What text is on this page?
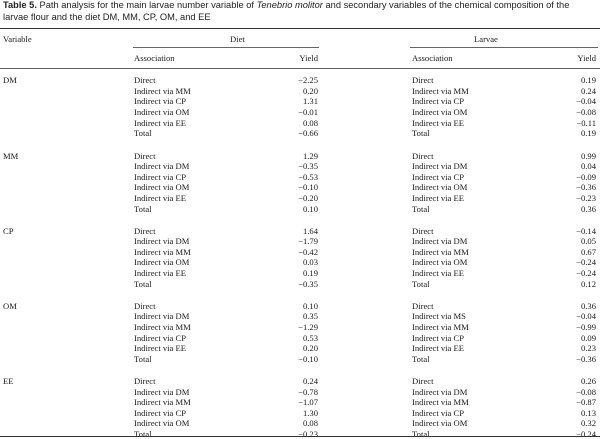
Table 5. Path analysis for the main larvae number variable of Tenebrio molitor and secondary variables of the chemical composition of the larvae flour and the diet DM, MM, CP, OM, and EE
Variable	Diet	Larvae
Association	Yield	Association	Yield
DM	Direct	−2.25	Direct	0.19
Indirect via MM	0.20	Indirect via MM	0.24
Indirect via CP	1.31	Indirect via CP	−0.04
Indirect via OM	−0.01	Indirect via OM	−0.08
Indirect via EE	0.08	Indirect via EE	−0.11
Total	−0.66	Total	0.19
MM	Direct	1.29	Direct	0.99
Indirect via DM	−0.35	Indirect via DM	0.04
Indirect via CP	−0.53	Indirect via CP	−0.09
Indirect via OM	−0.10	Indirect via OM	−0.36
Indirect via EE	−0.20	Indirect via EE	−0.23
Total	0.10	Total	0.36
CP	Direct	1.64	Direct	−0.14
Indirect via DM	−1.79	Indirect via DM	0.05
Indirect via MM	−0.42	Indirect via MM	0.67
Indirect via OM	0.03	Indirect via OM	−0.24
Indirect via EE	0.19	Indirect via EE	−0.24
Total	−0.35	Total	0.12
OM	Direct	0.10	Direct	0.36
Indirect via DM	0.35	Indirect via MS	−0.04
Indirect via MM	−1.29	Indirect via MM	−0.99
Indirect via CP	0.53	Indirect via CP	0.09
Indirect via EE	0.20	Indirect via EE	0.23
Total	−0.10	Total	−0.36
EE	Direct	0.24	Direct	0.26
Indirect via DM	−0.78	Indirect via DM	−0.08
Indirect via MM	−1.07	Indirect via MM	−0.87
Indirect via CP	1.30	Indirect via CP	0.13
Indirect via OM	0.08	Indirect via OM	0.32
Total	−0.23	Total	−0.24
